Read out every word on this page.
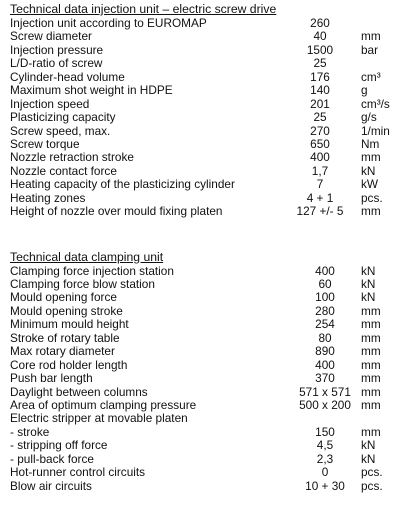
Technical data injection unit – electric screw drive
Injection unit according to EUROMAP	260
Screw diameter	40	mm
Injection pressure	1500	bar
L/D-ratio of screw	25
Cylinder-head volume	176	cm³
Maximum shot weight in HDPE	140	g
Injection speed	201	cm³/s
Plasticizing capacity	25	g/s
Screw speed, max.	270	1/min
Screw torque	650	Nm
Nozzle retraction stroke	400	mm
Nozzle contact force	1,7	kN
Heating capacity of the plasticizing cylinder	7	kW
Heating zones	4 + 1	pcs.
Height of nozzle over mould fixing platen	127 +/- 5	mm
Technical data clamping unit
Clamping force injection station	400	kN
Clamping force blow station	60	kN
Mould opening force	100	kN
Mould opening stroke	280	mm
Minimum mould height	254	mm
Stroke of rotary table	80	mm
Max rotary diameter	890	mm
Core rod holder length	400	mm
Push bar length	370	mm
Daylight between columns	571 x 571 mm
Area of optimum clamping pressure	500 x 200 mm
Electric stripper at movable platen
- stroke	150	mm
- stripping off force	4,5	kN
- pull-back force	2,3	kN
Hot-runner control circuits	0	pcs.
Blow air circuits	10 + 30	pcs.
